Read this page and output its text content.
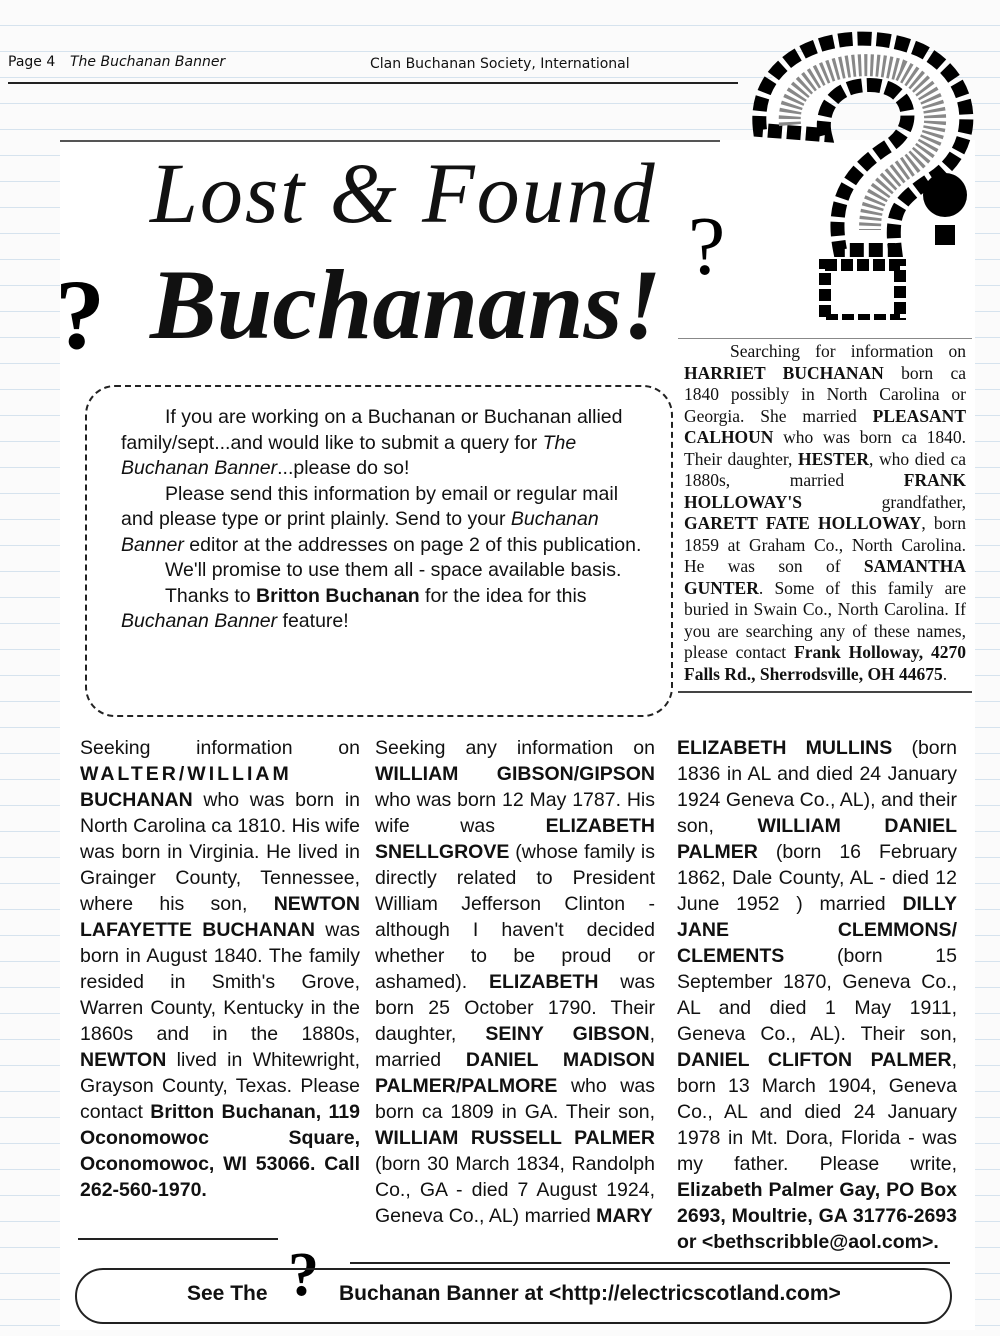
Page 4 The Buchanan Banner	Clan Buchanan Society, International
?
?
Lost & Found
Buchanans!

If you are working on a Buchanan or Buchanan allied family/sept...and would like to submit a query for The Buchanan Banner...please do so!

Please send this information by email or regular mail and please type or print plainly. Send to your Buchanan Banner editor at the addresses on page 2 of this publication.

We'll promise to use them all - space available basis.

Thanks to Britton Buchanan for the idea for this Buchanan Banner feature!

Searching for information on HARRIET BUCHANAN born ca 1840 possibly in North Carolina or Georgia. She married PLEASANT CALHOUN who was born ca 1840. Their daughter, HESTER, who died ca 1880s, married FRANK HOLLOWAY'S grandfather, GARETT FATE HOLLOWAY, born 1859 at Graham Co., North Carolina. He was son of SAMANTHA GUNTER. Some of this family are buried in Swain Co., North Carolina. If you are searching any of these names, please contact Frank Holloway, 4270 Falls Rd., Sherrodsville, OH 44675.

Seeking information on WALTER/WILLIAM BUCHANAN who was born in North Carolina ca 1810. His wife was born in Virginia. He lived in Grainger County, Tennessee, where his son, NEWTON LAFAYETTE BUCHANAN was born in August 1840. The family resided in Smith's Grove, Warren County, Kentucky in the 1860s and in the 1880s, NEWTON lived in Whitewright, Grayson County, Texas. Please contact Britton Buchanan, 119 Oconomowoc Square, Oconomowoc, WI 53066. Call 262-560-1970.

Seeking any information on WILLIAM GIBSON/GIPSON who was born 12 May 1787. His wife was ELIZABETH SNELLGROVE (whose family is directly related to President William Jefferson Clinton - although I haven't decided whether to be proud or ashamed). ELIZABETH was born 25 October 1790. Their daughter, SEINY GIBSON, married DANIEL MADISON PALMER/PALMORE who was born ca 1809 in GA. Their son, WILLIAM RUSSELL PALMER (born 30 March 1834, Randolph Co., GA - died 7 August 1924, Geneva Co., AL) married MARY

ELIZABETH MULLINS (born 1836 in AL and died 24 January 1924 Geneva Co., AL), and their son, WILLIAM DANIEL PALMER (born 16 February 1862, Dale County, AL - died 12 June 1952 ) married DILLY JANE CLEMMONS/ CLEMENTS (born 15 September 1870, Geneva Co., AL and died 1 May 1911, Geneva Co., AL). Their son, DANIEL CLIFTON PALMER, born 13 March 1904, Geneva Co., AL and died 24 January 1978 in Mt. Dora, Florida - was my father. Please write, Elizabeth Palmer Gay, PO Box 2693, Moultrie, GA 31776-2693 or <bethscribble@aol.com>.

?
See The	Buchanan Banner at <http://electricscotland.com>
